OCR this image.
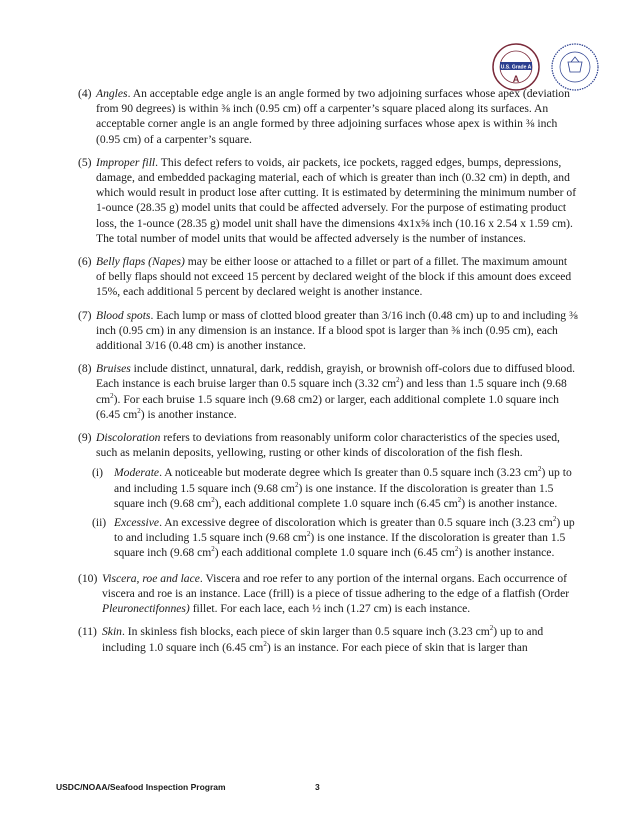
U.S. Grade A
A
(4) Angles. An acceptable edge angle is an angle formed by two adjoining surfaces whose apex (deviation from 90 degrees) is within ⅜ inch (0.95 cm) off a carpenter’s square placed along its surfaces. An acceptable corner angle is an angle formed by three adjoining surfaces whose apex is within ⅜ inch (0.95 cm) of a carpenter’s square.
(5) Improper fill. This defect refers to voids, air packets, ice pockets, ragged edges, bumps, depressions, damage, and embedded packaging material, each of which is greater than inch (0.32 cm) in depth, and which would result in product lose after cutting. It is estimated by determining the minimum number of 1-ounce (28.35 g) model units that could be affected adversely. For the purpose of estimating product loss, the 1-ounce (28.35 g) model unit shall have the dimensions 4x1x⅝ inch (10.16 x 2.54 x 1.59 cm). The total number of model units that would be affected adversely is the number of instances.
(6) Belly flaps (Napes) may be either loose or attached to a fillet or part of a fillet. The maximum amount of belly flaps should not exceed 15 percent by declared weight of the block if this amount does exceed 15%, each additional 5 percent by declared weight is another instance.
(7) Blood spots. Each lump or mass of clotted blood greater than 3/16 inch (0.48 cm) up to and including ⅜ inch (0.95 cm) in any dimension is an instance. If a blood spot is larger than ⅜ inch (0.95 cm), each additional 3/16 (0.48 cm) is another instance.
(8) Bruises include distinct, unnatural, dark, reddish, grayish, or brownish off-colors due to diffused blood. Each instance is each bruise larger than 0.5 square inch (3.32 $cm^2$) and less than 1.5 square inch (9.68 $cm^2$). For each bruise 1.5 square inch (9.68 cm2) or larger, each additional complete 1.0 square inch (6.45 $cm^2$) is another instance.
(9) Discoloration refers to deviations from reasonably uniform color characteristics of the species used, such as melanin deposits, yellowing, rusting or other kinds of discoloration of the fish flesh.
(i) Moderate. A noticeable but moderate degree which Is greater than 0.5 square inch (3.23 $cm^2$) up to and including 1.5 square inch (9.68 $cm^2$) is one instance. If the discoloration is greater than 1.5 square inch (9.68 $cm^2$), each additional complete 1.0 square inch (6.45 $cm^2$) is another instance.
(ii) Excessive. An excessive degree of discoloration which is greater than 0.5 square inch (3.23 $cm^2$) up to and including 1.5 square inch (9.68 $cm^2$) is one instance. If the discoloration is greater than 1.5 square inch (9.68 $cm^2$) each additional complete 1.0 square inch (6.45 $cm^2$) is another instance.
(10) Viscera, roe and lace. Viscera and roe refer to any portion of the internal organs. Each occurrence of viscera and roe is an instance. Lace (frill) is a piece of tissue adhering to the edge of a flatfish (Order Pleuronectifonnes) fillet. For each lace, each ½ inch (1.27 cm) is each instance.
(11) Skin. In skinless fish blocks, each piece of skin larger than 0.5 square inch (3.23 $cm^2$) up to and including 1.0 square inch (6.45 $cm^2$) is an instance. For each piece of skin that is larger than
USDC/NOAA/Seafood Inspection Program	3
